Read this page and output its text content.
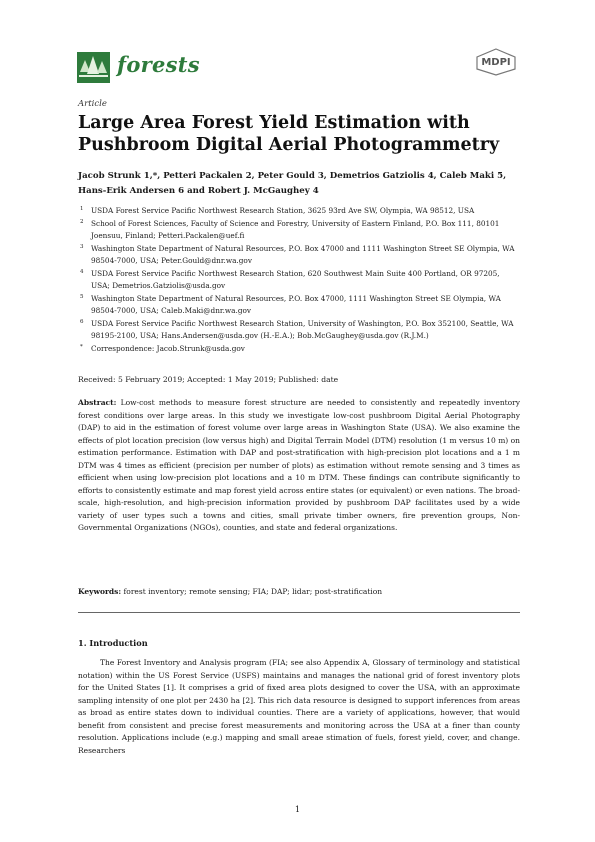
forests	MDPI
Article
Large Area Forest Yield Estimation with Pushbroom Digital Aerial Photogrammetry
Jacob Strunk 1,*, Petteri Packalen 2, Peter Gould 3, Demetrios Gatziolis 4, Caleb Maki 5, Hans-Erik Andersen 6 and Robert J. McGaughey 4
1 USDA Forest Service Pacific Northwest Research Station, 3625 93rd Ave SW, Olympia, WA 98512, USA
2 School of Forest Sciences, Faculty of Science and Forestry, University of Eastern Finland, P.O. Box 111, 80101 Joensuu, Finland; Petteri.Packalen@uef.fi
3 Washington State Department of Natural Resources, P.O. Box 47000 and 1111 Washington Street SE Olympia, WA 98504-7000, USA; Peter.Gould@dnr.wa.gov
4 USDA Forest Service Pacific Northwest Research Station, 620 Southwest Main Suite 400 Portland, OR 97205, USA; Demetrios.Gatziolis@usda.gov
5 Washington State Department of Natural Resources, P.O. Box 47000, 1111 Washington Street SE Olympia, WA 98504-7000, USA; Caleb.Maki@dnr.wa.gov
6 USDA Forest Service Pacific Northwest Research Station, University of Washington, P.O. Box 352100, Seattle, WA 98195-2100, USA; Hans.Andersen@usda.gov (H.-E.A.); Bob.McGaughey@usda.gov (R.J.M.)
* Correspondence: Jacob.Strunk@usda.gov
Received: 5 February 2019; Accepted: 1 May 2019; Published: date

Abstract: Low-cost methods to measure forest structure are needed to consistently and repeatedly inventory forest conditions over large areas. In this study we investigate low-cost pushbroom Digital Aerial Photography (DAP) to aid in the estimation of forest volume over large areas in Washington State (USA). We also examine the effects of plot location precision (low versus high) and Digital Terrain Model (DTM) resolution (1 m versus 10 m) on estimation performance. Estimation with DAP and post-stratification with high-precision plot locations and a 1 m DTM was 4 times as efficient (precision per number of plots) as estimation without remote sensing and 3 times as efficient when using low-precision plot locations and a 10 m DTM. These findings can contribute significantly to efforts to consistently estimate and map forest yield across entire states (or equivalent) or even nations. The broad-scale, high-resolution, and high-precision information provided by pushbroom DAP facilitates used by a wide variety of user types such a towns and cities, small private timber owners, fire prevention groups, Non-Governmental Organizations (NGOs), counties, and state and federal organizations.

Keywords: forest inventory; remote sensing; FIA; DAP; lidar; post-stratification
1. Introduction

The Forest Inventory and Analysis program (FIA; see also Appendix A, Glossary of terminology and statistical notation) within the US Forest Service (USFS) maintains and manages the national grid of forest inventory plots for the United States [1]. It comprises a grid of fixed area plots designed to cover the USA, with an approximate sampling intensity of one plot per 2430 ha [2]. This rich data resource is designed to support inferences from areas as broad as entire states down to individual counties. There are a variety of applications, however, that would benefit from consistent and precise forest measurements and monitoring across the USA at a finer than county resolution. Applications include (e.g.) mapping and small areae stimation of fuels, forest yield, cover, and change. Researchers

1
